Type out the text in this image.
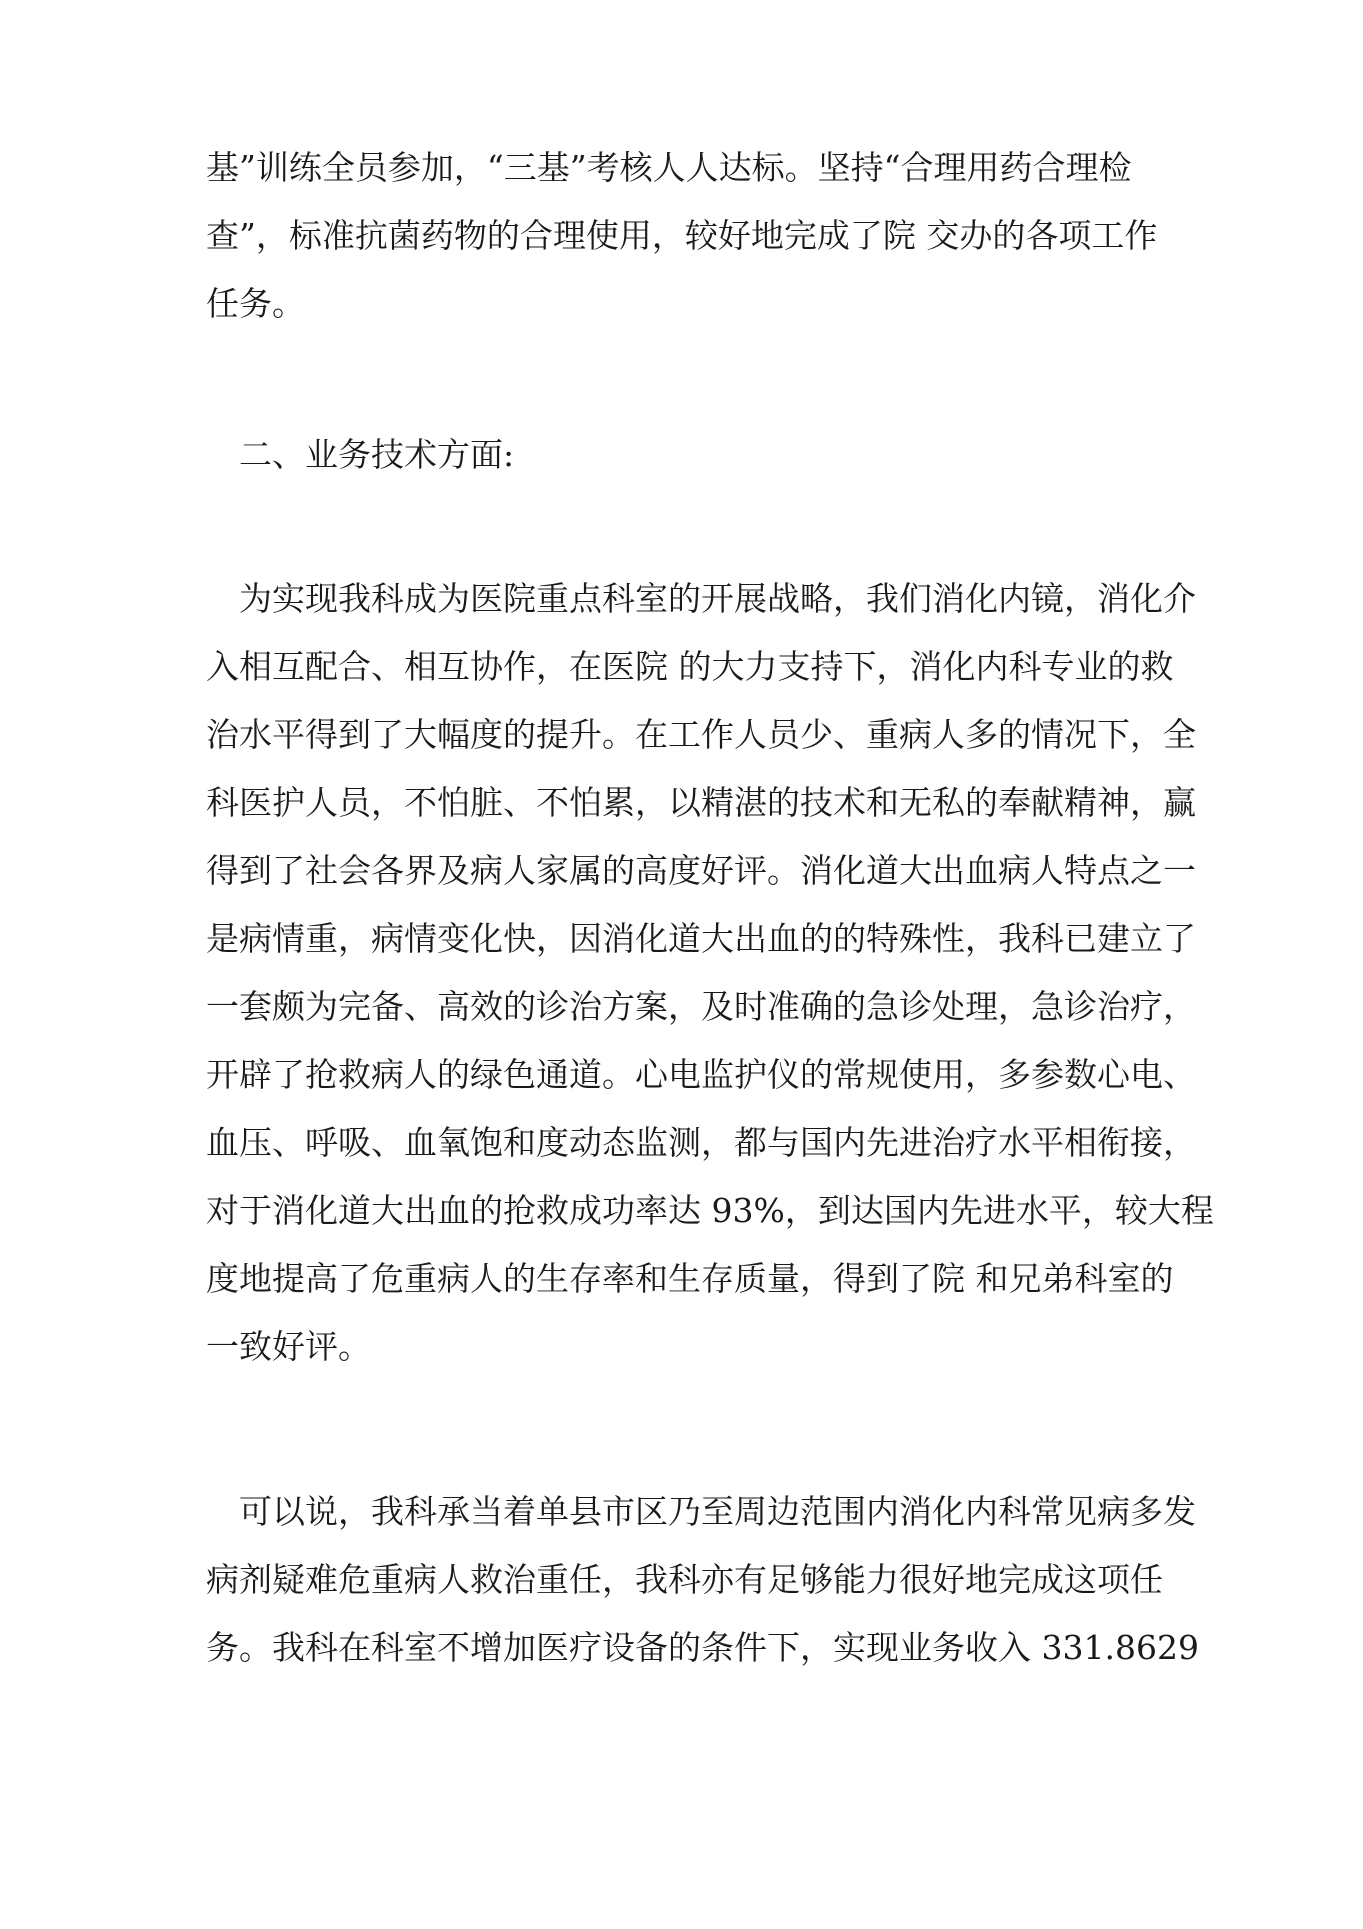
基”训练全员参加，“三基”考核人人达标。坚持“合理用药合理检
查”，标准抗菌药物的合理使用，较好地完成了院 交办的各项工作
任务。

二、业务技术方面:

为实现我科成为医院重点科室的开展战略，我们消化内镜，消化介
入相互配合、相互协作，在医院 的大力支持下，消化内科专业的救
治水平得到了大幅度的提升。在工作人员少、重病人多的情况下，全
科医护人员，不怕脏、不怕累，以精湛的技术和无私的奉献精神，赢
得到了社会各界及病人家属的高度好评。消化道大出血病人特点之一
是病情重，病情变化快，因消化道大出血的的特殊性，我科已建立了
一套颇为完备、高效的诊治方案，及时准确的急诊处理，急诊治疗，
开辟了抢救病人的绿色通道。心电监护仪的常规使用，多参数心电、
血压、呼吸、血氧饱和度动态监测，都与国内先进治疗水平相衔接，
对于消化道大出血的抢救成功率达 93%，到达国内先进水平，较大程
度地提高了危重病人的生存率和生存质量，得到了院 和兄弟科室的
一致好评。

可以说，我科承当着单县市区乃至周边范围内消化内科常见病多发
病剂疑难危重病人救治重任，我科亦有足够能力很好地完成这项任
务。我科在科室不增加医疗设备的条件下，实现业务收入 331.8629
